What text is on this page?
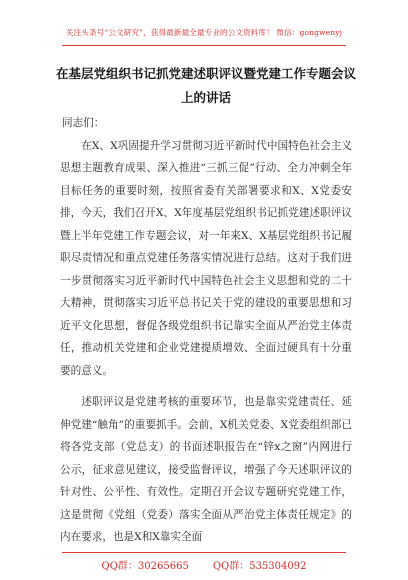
关注头条号“公文研究”，获得最新最全最专业的公文资料库！ 微信：gongwenyj
在基层党组织书记抓党建述职评议暨党建工作专题会议上的讲话

同志们：

在X、X巩固提升学习贯彻习近平新时代中国特色社会主义思想主题教育成果、深入推进“三抓三促”行动、全力冲刺全年目标任务的重要时刻，按照省委有关部署要求和X、X党委安排，今天，我们召开X、X年度基层党组织书记抓党建述职评议暨上半年党建工作专题会议，对一年来X、X基层党组织书记履职尽责情况和重点党建任务落实情况进行总结。这对于我们进一步贯彻落实习近平新时代中国特色社会主义思想和党的二十大精神，贯彻落实习近平总书记关于党的建设的重要思想和习近平文化思想，督促各级党组织书记靠实全面从严治党主体责任，推动机关党建和企业党建提质增效、全面过硬具有十分重要的意义。

述职评议是党建考核的重要环节，也是靠实党建责任、延伸党建“触角”的重要抓手。会前，X机关党委、X党委组织部已将各党支部（党总支）的书面述职报告在“锌x之窗”内网进行公示，征求意见建议，接受监督评议，增强了今天述职评议的针对性、公平性、有效性。定期召开会议专题研究党建工作，这是贯彻《党组（党委）落实全面从严治党主体责任规定》的内在要求，也是X和X靠实全面

QQ群：30265665 QQ群：535304092
